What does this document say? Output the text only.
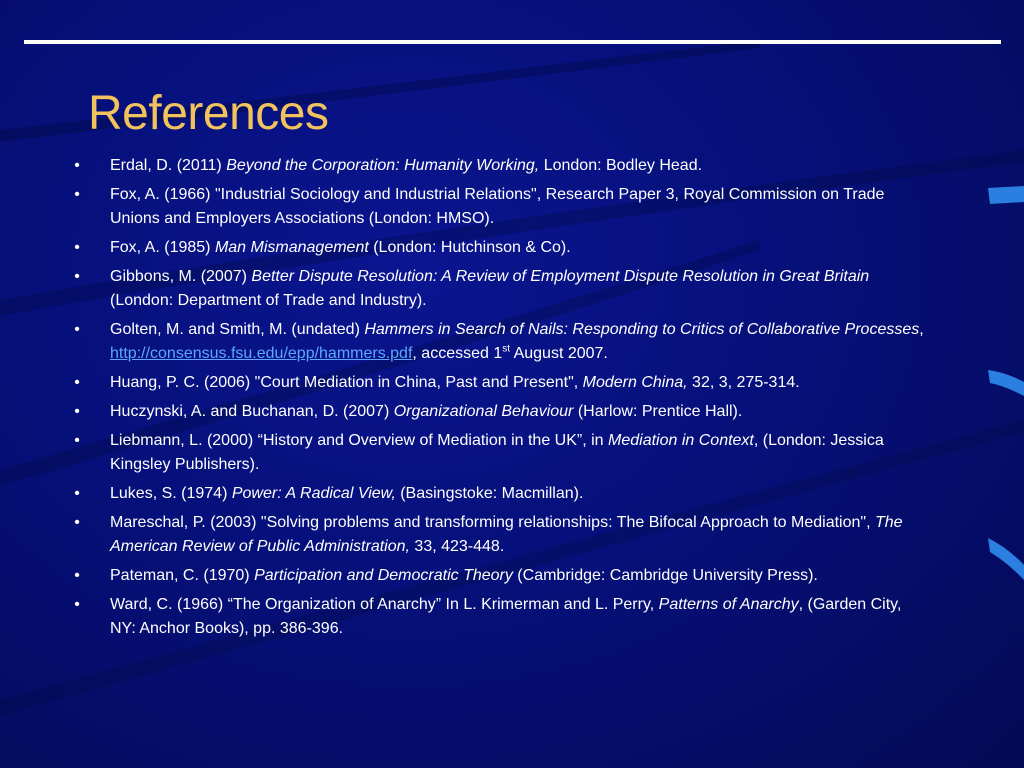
References
• Erdal, D. (2011) Beyond the Corporation: Humanity Working, London: Bodley Head.
• Fox, A. (1966) "Industrial Sociology and Industrial Relations", Research Paper 3, Royal Commission on Trade Unions and Employers Associations (London: HMSO).
• Fox, A. (1985) Man Mismanagement (London: Hutchinson & Co).
• Gibbons, M. (2007) Better Dispute Resolution: A Review of Employment Dispute Resolution in Great Britain (London: Department of Trade and Industry).
• Golten, M. and Smith, M. (undated) Hammers in Search of Nails: Responding to Critics of Collaborative Processes, http://consensus.fsu.edu/epp/hammers.pdf, accessed 1st August 2007.
• Huang, P. C. (2006) "Court Mediation in China, Past and Present", Modern China, 32, 3, 275-314.
• Huczynski, A. and Buchanan, D. (2007) Organizational Behaviour (Harlow: Prentice Hall).
• Liebmann, L. (2000) “History and Overview of Mediation in the UK”, in Mediation in Context, (London: Jessica Kingsley Publishers).
• Lukes, S. (1974) Power: A Radical View, (Basingstoke: Macmillan).
• Mareschal, P. (2003) "Solving problems and transforming relationships: The Bifocal Approach to Mediation", The American Review of Public Administration, 33, 423-448.
• Pateman, C. (1970) Participation and Democratic Theory (Cambridge: Cambridge University Press).
• Ward, C. (1966) “The Organization of Anarchy” In L. Krimerman and L. Perry, Patterns of Anarchy, (Garden City, NY: Anchor Books), pp. 386-396.
